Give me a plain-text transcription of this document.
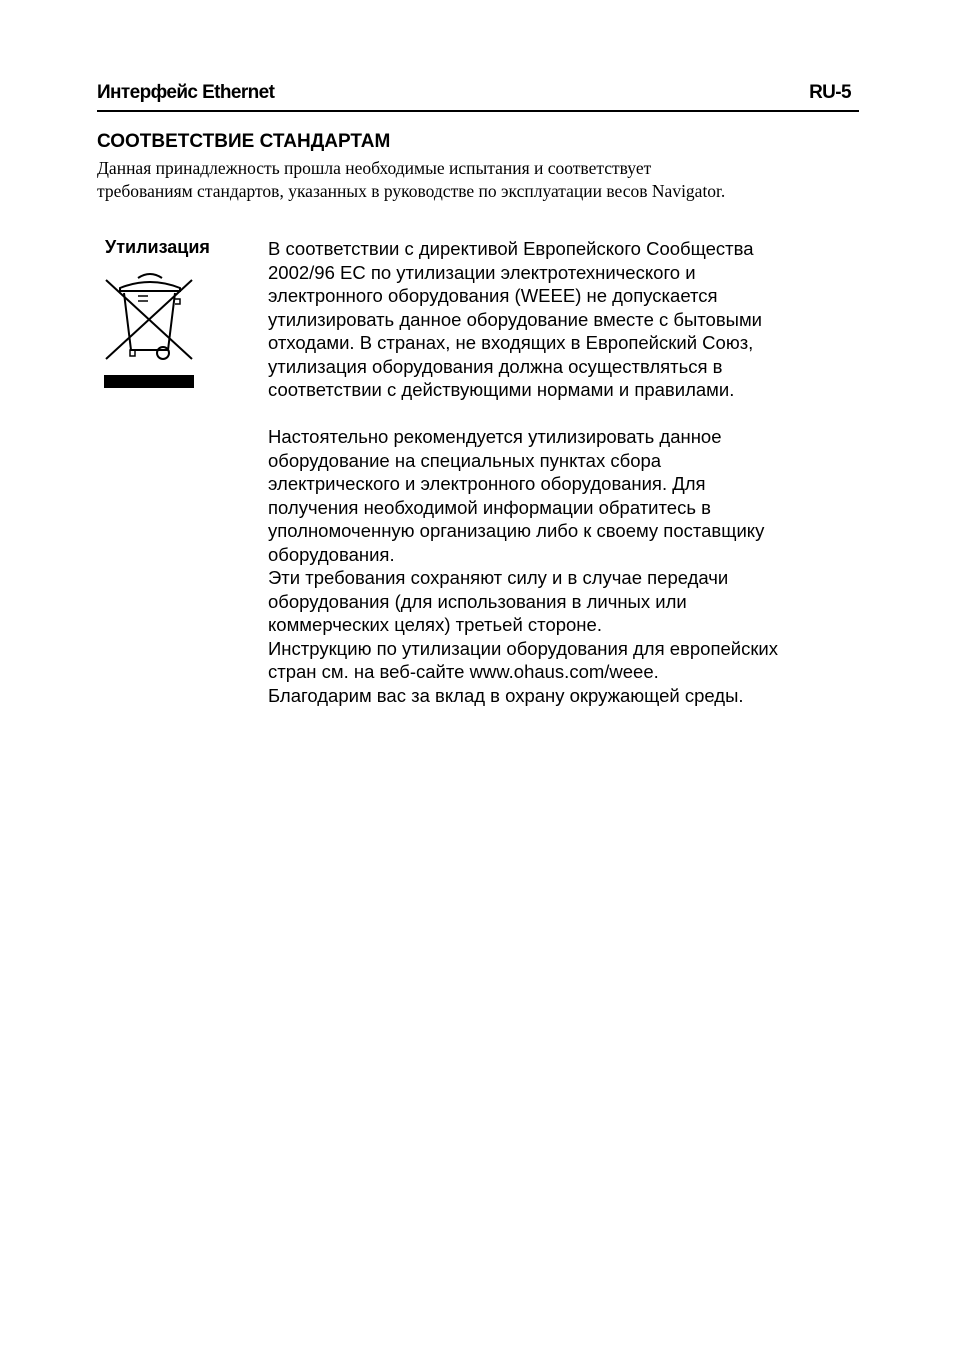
Интерфейс Ethernet	RU-5
СООТВЕТСТВИЕ СТАНДАРТАМ

Данная принадлежность прошла необходимые испытания и соответствует
требованиям стандартов, указанных в руководстве по эксплуатации весов Navigator.

Утилизация	В соответствии с директивой Европейского Сообщества
2002/96 EC по утилизации электротехнического и
электронного оборудования (WEEE) не допускается
утилизировать данное оборудование вместе с бытовыми
отходами. В странах, не входящих в Европейский Союз,
утилизация оборудования должна осуществляться в
соответствии с действующими нормами и правилами.

Настоятельно рекомендуется утилизировать данное
оборудование на специальных пунктах сбора
электрического и электронного оборудования. Для
получения необходимой информации обратитесь в
уполномоченную организацию либо к своему поставщику
оборудования.
Эти требования сохраняют силу и в случае передачи
оборудования (для использования в личных или
коммерческих целях) третьей стороне.
Инструкцию по утилизации оборудования для европейских
стран см. на веб-сайте www.ohaus.com/weee.
Благодарим вас за вклад в охрану окружающей среды.
